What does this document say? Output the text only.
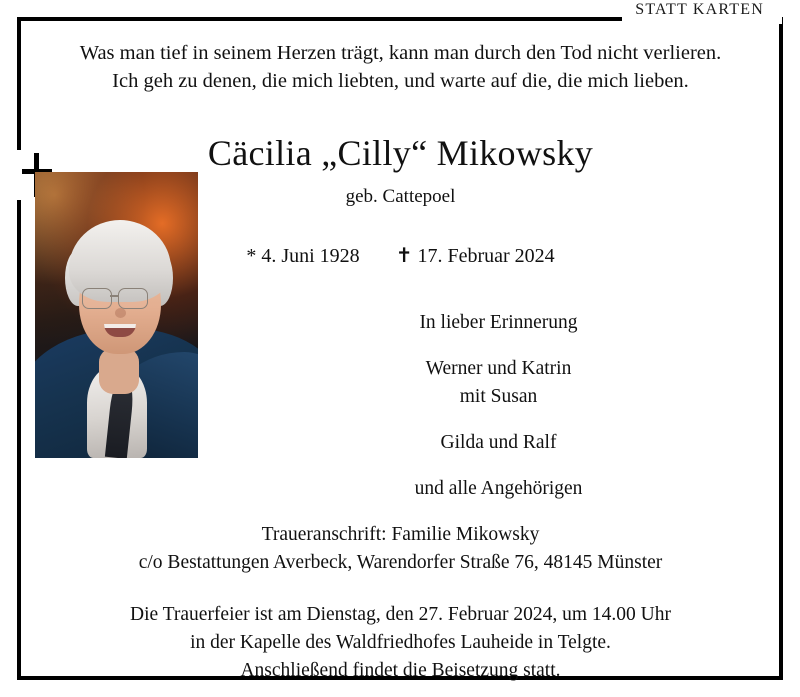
STATT KARTEN
Was man tief in seinem Herzen trägt, kann man durch den Tod nicht verlieren.
Ich geh zu denen, die mich liebten, und warte auf die, die mich lieben.
Cäcilia „Cilly“ Mikowsky
geb. Cattepoel
* 4. Juni 1928 ✝ 17. Februar 2024
In lieber Erinnerung
Werner und Katrin
mit Susan
Gilda und Ralf
und alle Angehörigen
Traueranschrift: Familie Mikowsky
c/o Bestattungen Averbeck, Warendorfer Straße 76, 48145 Münster
Die Trauerfeier ist am Dienstag, den 27. Februar 2024, um 14.00 Uhr
in der Kapelle des Waldfriedhofes Lauheide in Telgte.
Anschließend findet die Beisetzung statt.
